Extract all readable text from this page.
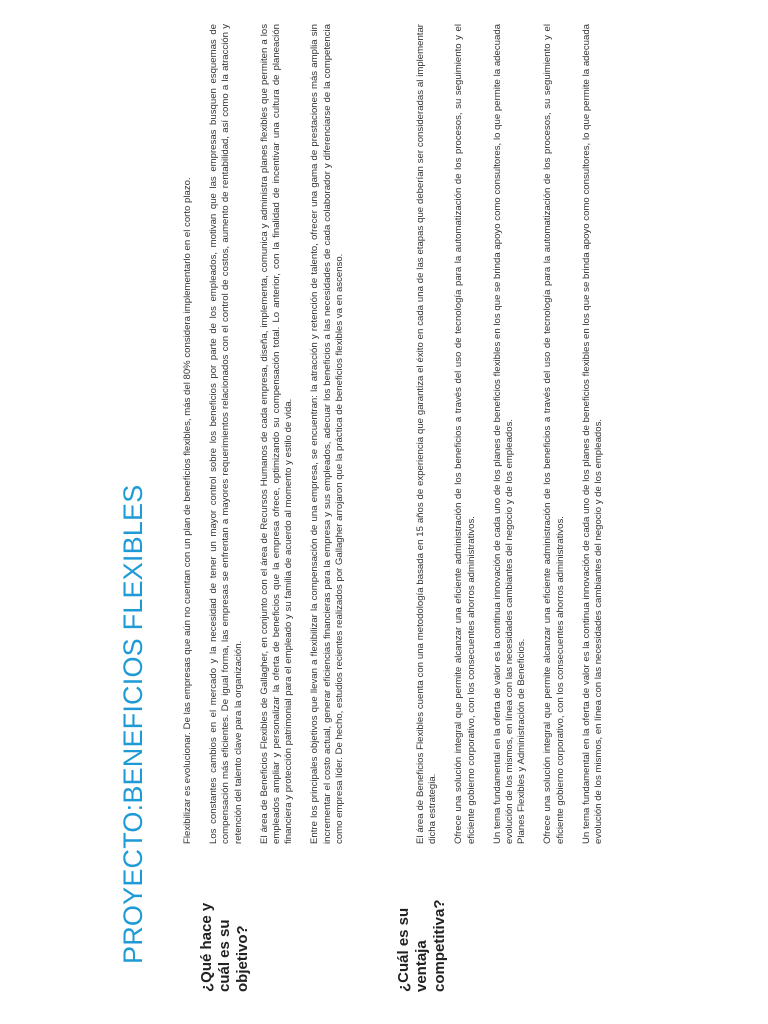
PROYECTO:BENEFICIOS FLEXIBLES	¿Qué hace y cuál es su objetivo?

Flexibilizar es evolucionar. De las empresas que aún no cuentan con un plan de beneficios flexibles, más del 80% considera implementarlo en el corto plazo. Los constantes cambios en el mercado y la necesidad de tener un mayor control sobre los beneficios por parte de los empleados, motivan que las empresas busquen esquemas de compensación más eficientes. De igual forma, las empresas se enfrentan a mayores requerimientos relacionados con el control de costos, aumento de rentabilidad, así como a la atracción y retención del talento clave para la organización. El área de Beneficios Flexibles de Gallagher, en conjunto con el área de Recursos Humanos de cada empresa, diseña, implementa, comunica y administra planes flexibles que permiten a los empleados ampliar y personalizar la oferta de beneficios que la empresa ofrece, optimizando su compensación total. Lo anterior, con la finalidad de incentivar una cultura de planeación financiera y protección patrimonial para el empleado y su familia de acuerdo al momento y estilo de vida. Entre los principales objetivos que llevan a flexibilizar la compensación de una empresa, se encuentran: la atracción y retención de talento, ofrecer una gama de prestaciones más amplia sin incrementar el costo actual, generar eficiencias financieras para la empresa y sus empleados, adecuar los beneficios a las necesidades de cada colaborador y diferenciarse de la competencia como empresa líder. De hecho, estudios recientes realizados por Gallagher arrojaron que la práctica de beneficios flexibles va en ascenso.

¿Cuál es su ventaja competitiva?

El área de Beneficios Flexibles cuenta con una metodología basada en 15 años de experiencia que garantiza el éxito en cada una de las etapas que deberían ser consideradas al implementar dicha estrategia. Ofrece una solución integral que permite alcanzar una eficiente administración de los beneficios a través del uso de tecnología para la automatización de los procesos, su seguimiento y el eficiente gobierno corporativo, con los consecuentes ahorros administrativos. Un tema fundamental en la oferta de valor es la continua innovación de cada uno de los planes de beneficios flexibles en los que se brinda apoyo como consultores, lo que permite la adecuada evolución de los mismos, en línea con las necesidades cambiantes del negocio y de los empleados. Planes Flexibles y Administración de Beneficios. Ofrece una solución integral que permite alcanzar una eficiente administración de los beneficios a través del uso de tecnología para la automatización de los procesos, su seguimiento y el eficiente gobierno corporativo, con los consecuentes ahorros administrativos. Un tema fundamental en la oferta de valor es la continua innovación de cada uno de los planes de beneficios flexibles en los que se brinda apoyo como consultores, lo que permite la adecuada evolución de los mismos, en línea con las necesidades cambiantes del negocio y de los empleados.
